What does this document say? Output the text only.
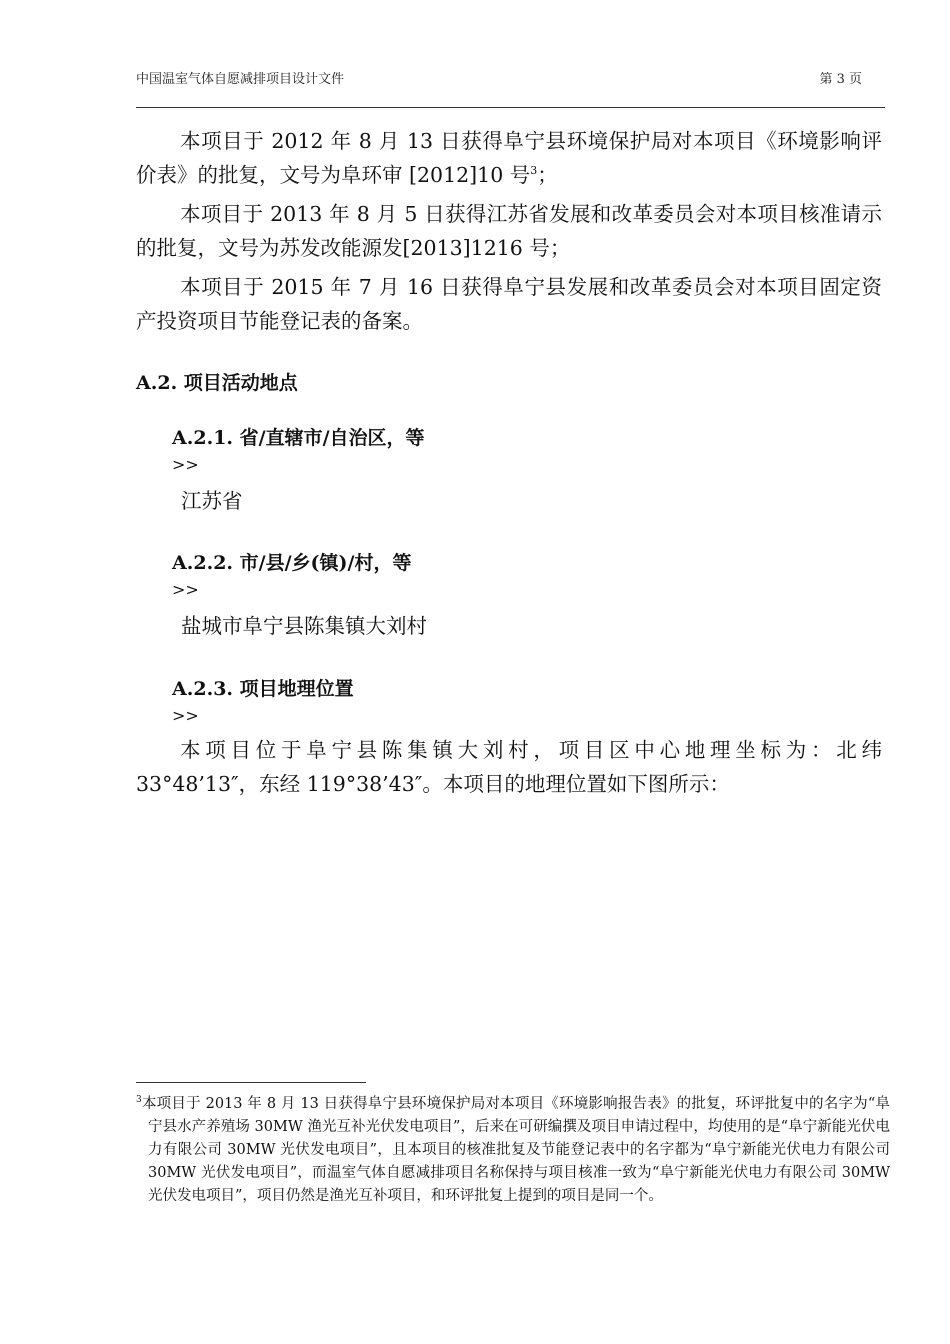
中国温室气体自愿减排项目设计文件	第 3 页

本项目于 2012 年 8 月 13 日获得阜宁县环境保护局对本项目《环境影响评价表》的批复，文号为阜环审 [2012]10 号$^3$；

本项目于 2013 年 8 月 5 日获得江苏省发展和改革委员会对本项目核准请示的批复，文号为苏发改能源发[2013]1216 号；

本项目于 2015 年 7 月 16 日获得阜宁县发展和改革委员会对本项目固定资产投资项目节能登记表的备案。

A.2. 项目活动地点
A.2.1. 省/直辖市/自治区，等
>>
江苏省
A.2.2. 市/县/乡(镇)/村，等
>>
盐城市阜宁县陈集镇大刘村
A.2.3. 项目地理位置
>>

本项目位于阜宁县陈集镇大刘村，项目区中心地理坐标为：北纬 33°48’13″，东经 119°38’43″。本项目的地理位置如下图所示：

$^3$本项目于 2013 年 8 月 13 日获得阜宁县环境保护局对本项目《环境影响报告表》的批复，环评批复中的名字为“阜宁县水产养殖场 30MW 渔光互补光伏发电项目”，后来在可研编撰及项目申请过程中，均使用的是“阜宁新能光伏电力有限公司 30MW 光伏发电项目”，且本项目的核准批复及节能登记表中的名字都为“阜宁新能光伏电力有限公司 30MW 光伏发电项目”，而温室气体自愿减排项目名称保持与项目核准一致为“阜宁新能光伏电力有限公司 30MW 光伏发电项目”，项目仍然是渔光互补项目，和环评批复上提到的项目是同一个。
